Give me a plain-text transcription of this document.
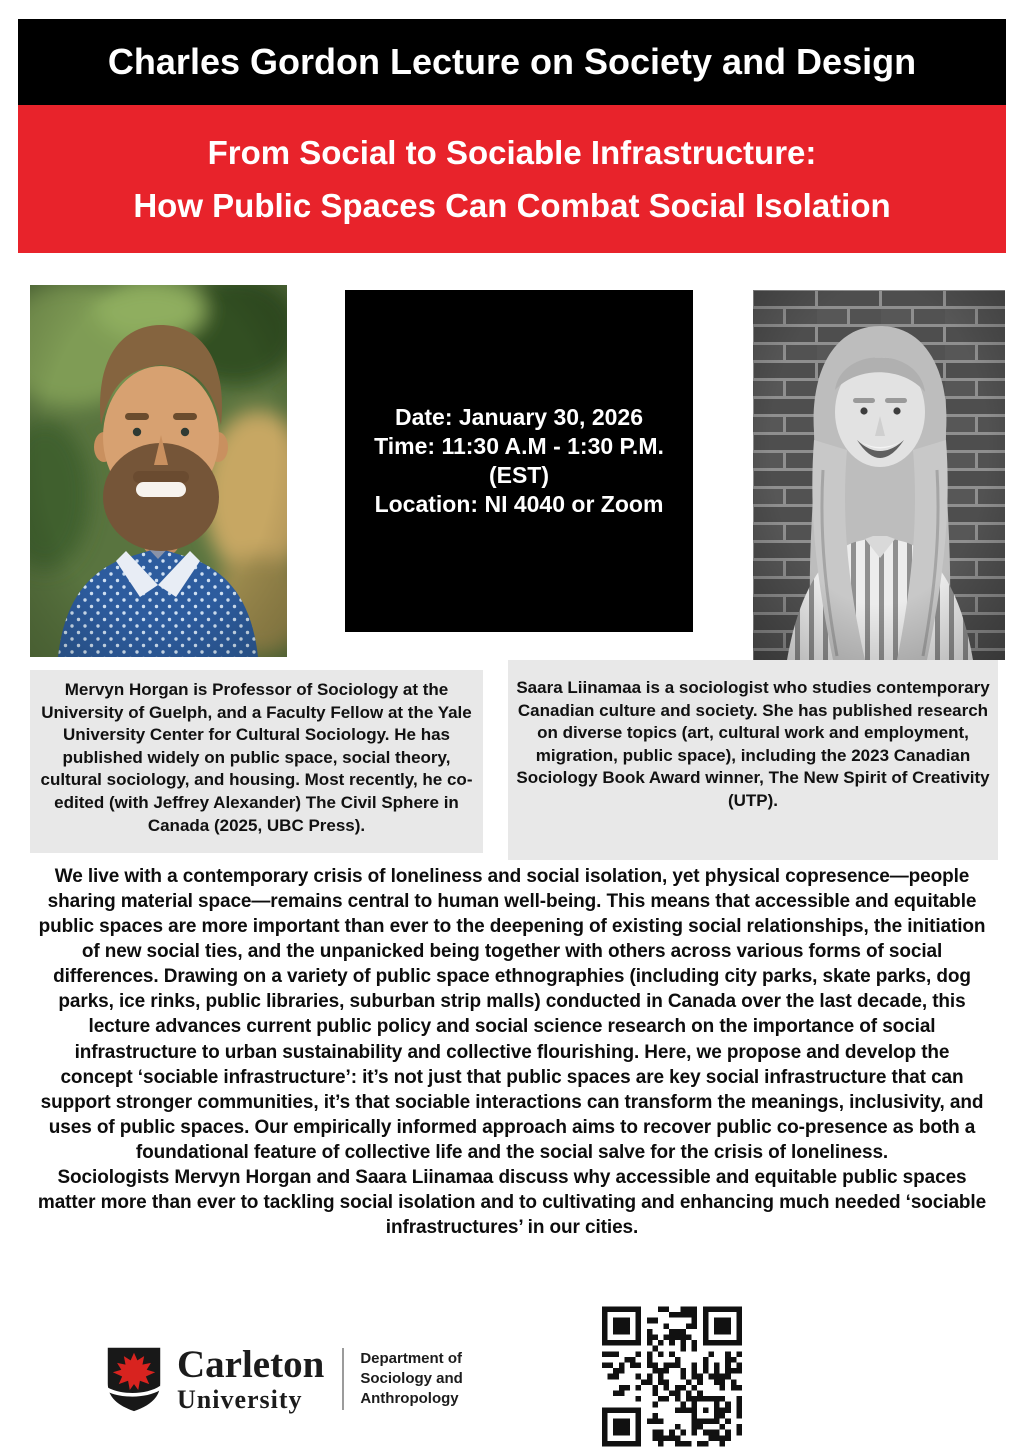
Charles Gordon Lecture on Society and Design
From Social to Sociable Infrastructure:
How Public Spaces Can Combat Social Isolation
Date: January 30, 2026
Time: 11:30 A.M - 1:30 P.M.
(EST)
Location: NI 4040 or Zoom
Mervyn Horgan is Professor of Sociology at the University of Guelph, and a Faculty Fellow at the Yale University Center for Cultural Sociology. He has published widely on public space, social theory, cultural sociology, and housing. Most recently, he co-edited (with Jeffrey Alexander) The Civil Sphere in Canada (2025, UBC Press).
Saara Liinamaa is a sociologist who studies contemporary Canadian culture and society. She has published research on diverse topics (art, cultural work and employment, migration, public space), including the 2023 Canadian Sociology Book Award winner, The New Spirit of Creativity (UTP).
We live with a contemporary crisis of loneliness and social isolation, yet physical copresence—people sharing material space—remains central to human well-being. This means that accessible and equitable public spaces are more important than ever to the deepening of existing social relationships, the initiation of new social ties, and the unpanicked being together with others across various forms of social differences. Drawing on a variety of public space ethnographies (including city parks, skate parks, dog parks, ice rinks, public libraries, suburban strip malls) conducted in Canada over the last decade, this lecture advances current public policy and social science research on the importance of social infrastructure to urban sustainability and collective flourishing. Here, we propose and develop the concept ‘sociable infrastructure’: it’s not just that public spaces are key social infrastructure that can support stronger communities, it’s that sociable interactions can transform the meanings, inclusivity, and uses of public spaces. Our empirically informed approach aims to recover public co-presence as both a foundational feature of collective life and the social salve for the crisis of loneliness.
Sociologists Mervyn Horgan and Saara Liinamaa discuss why accessible and equitable public spaces matter more than ever to tackling social isolation and to cultivating and enhancing much needed ‘sociable infrastructures’ in our cities.
Carleton
University
Department of
Sociology and
Anthropology
